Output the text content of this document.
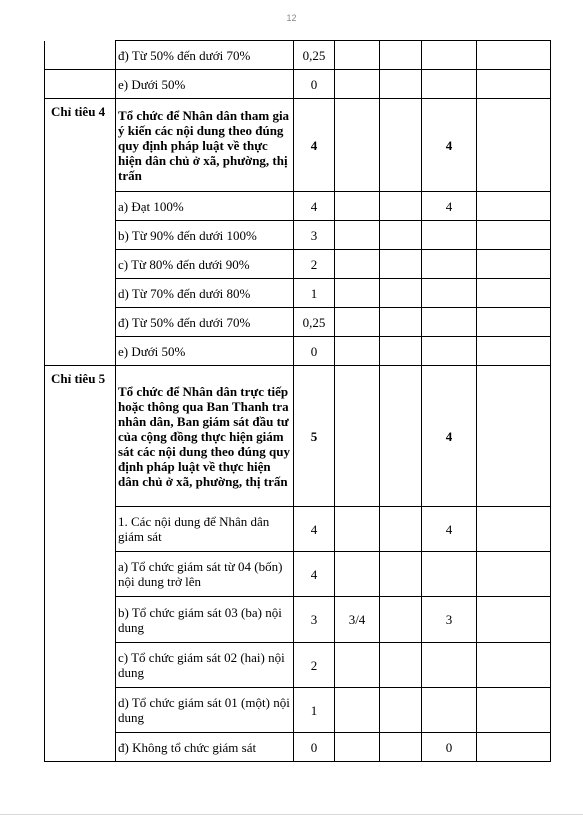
12
	đ) Từ 50% đến dưới 70%	0,25				
	e) Dưới 50%	0				
Chỉ tiêu 4	Tổ chức để Nhân dân tham gia ý kiến các nội dung theo đúng quy định pháp luật về thực hiện dân chủ ở xã, phường, thị trấn	4			4	
	a) Đạt 100%	4			4	
	b) Từ 90% đến dưới 100%	3				
	c) Từ 80% đến dưới 90%	2				
	d) Từ 70% đến dưới 80%	1				
	đ) Từ 50% đến dưới 70%	0,25				
	e) Dưới 50%	0				
Chỉ tiêu 5	Tổ chức để Nhân dân trực tiếp hoặc thông qua Ban Thanh tra nhân dân, Ban giám sát đầu tư của cộng đồng thực hiện giám sát các nội dung theo đúng quy định pháp luật về thực hiện dân chủ ở xã, phường, thị trấn	5			4	
	1. Các nội dung để Nhân dân giám sát	4			4	
	a) Tổ chức giám sát từ 04 (bốn) nội dung trở lên	4				
	b) Tổ chức giám sát 03 (ba) nội dung	3	3/4		3	
	c) Tổ chức giám sát 02 (hai) nội dung	2				
	d) Tổ chức giám sát 01 (một) nội dung	1				
	đ) Không tổ chức giám sát	0			0	
